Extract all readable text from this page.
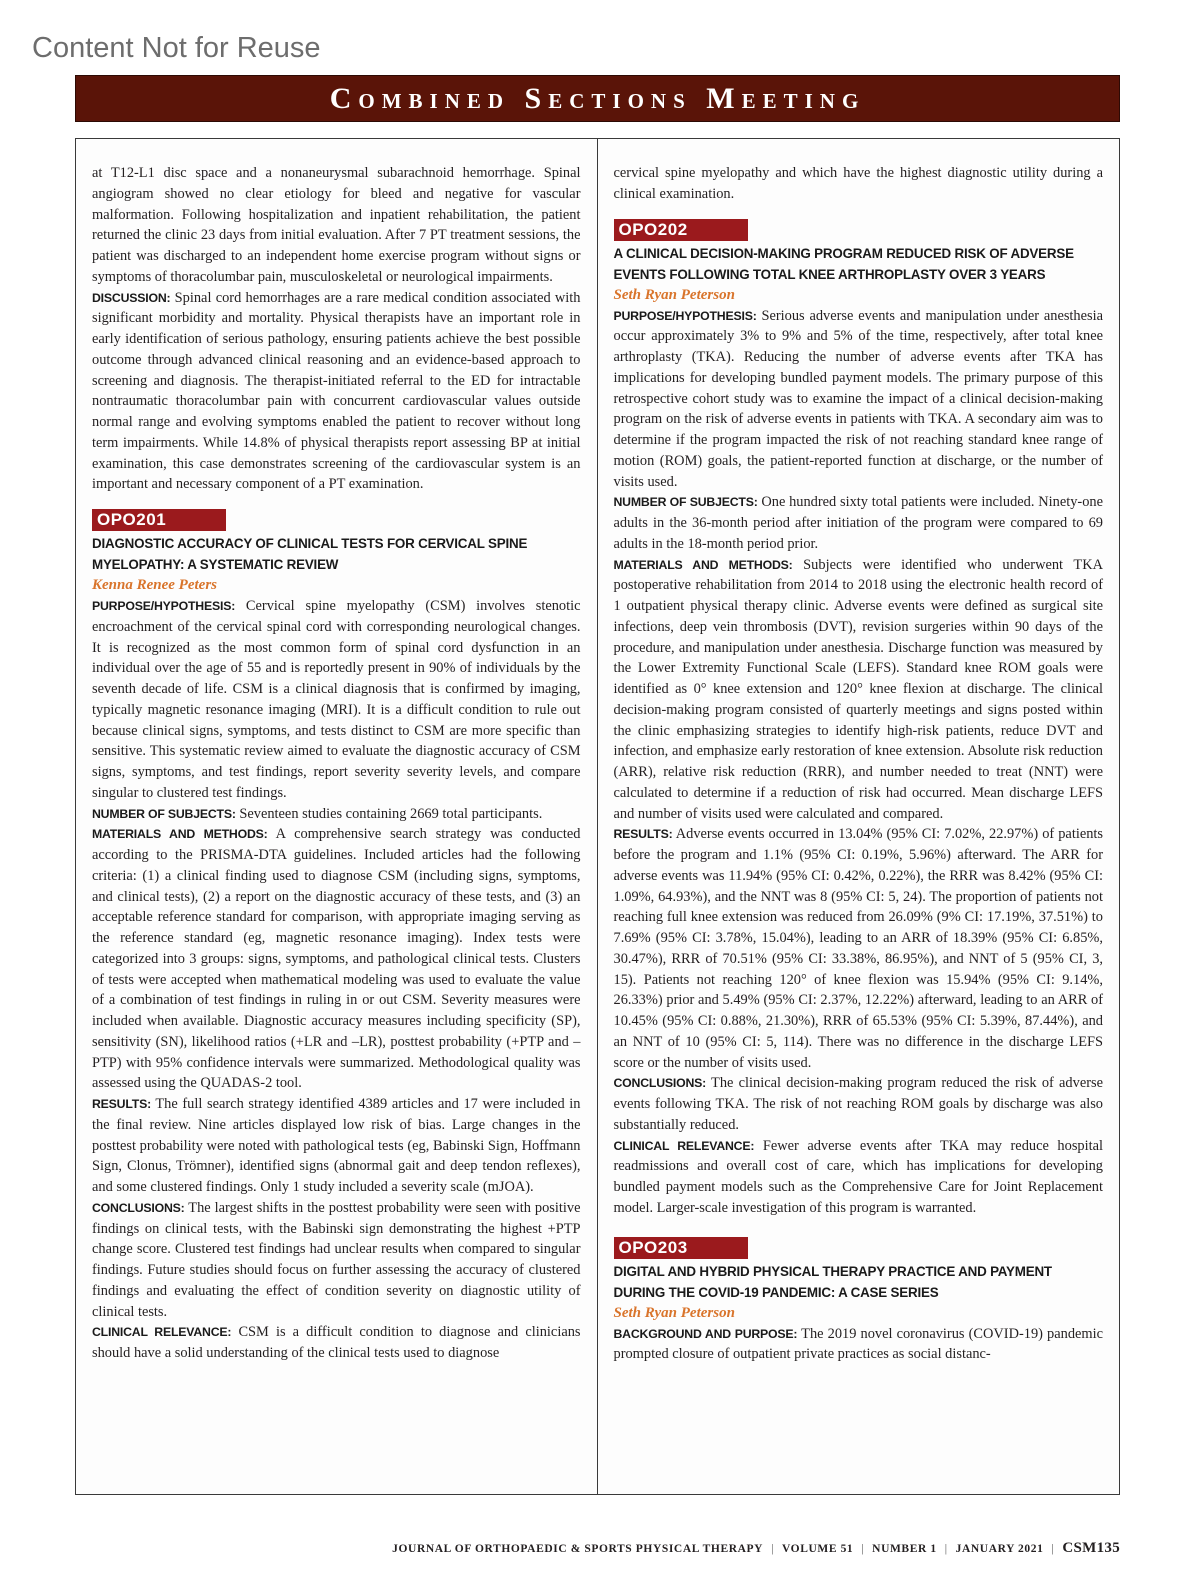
Content Not for Reuse
Combined Sections Meeting

at T12-L1 disc space and a nonaneurysmal subarachnoid hemorrhage. Spinal angiogram showed no clear etiology for bleed and negative for vascular malformation. Following hospitalization and inpatient rehabilitation, the patient returned the clinic 23 days from initial evaluation. After 7 PT treatment sessions, the patient was discharged to an independent home exercise program without signs or symptoms of thoracolumbar pain, musculoskeletal or neurological impairments.

DISCUSSION: Spinal cord hemorrhages are a rare medical condition associated with significant morbidity and mortality. Physical therapists have an important role in early identification of serious pathology, ensuring patients achieve the best possible outcome through advanced clinical reasoning and an evidence-based approach to screening and diagnosis. The therapist-initiated referral to the ED for intractable nontraumatic thoracolumbar pain with concurrent cardiovascular values outside normal range and evolving symptoms enabled the patient to recover without long term impairments. While 14.8% of physical therapists report assessing BP at initial examination, this case demonstrates screening of the cardiovascular system is an important and necessary component of a PT examination.

OPO201
DIAGNOSTIC ACCURACY OF CLINICAL TESTS FOR CERVICAL SPINE MYELOPATHY: A SYSTEMATIC REVIEW
Kenna Renee Peters

PURPOSE/HYPOTHESIS: Cervical spine myelopathy (CSM) involves stenotic encroachment of the cervical spinal cord with corresponding neurological changes. It is recognized as the most common form of spinal cord dysfunction in an individual over the age of 55 and is reportedly present in 90% of individuals by the seventh decade of life. CSM is a clinical diagnosis that is confirmed by imaging, typically magnetic resonance imaging (MRI). It is a difficult condition to rule out because clinical signs, symptoms, and tests distinct to CSM are more specific than sensitive. This systematic review aimed to evaluate the diagnostic accuracy of CSM signs, symptoms, and test findings, report severity severity levels, and compare singular to clustered test findings.

NUMBER OF SUBJECTS: Seventeen studies containing 2669 total participants.

MATERIALS AND METHODS: A comprehensive search strategy was conducted according to the PRISMA-DTA guidelines. Included articles had the following criteria: (1) a clinical finding used to diagnose CSM (including signs, symptoms, and clinical tests), (2) a report on the diagnostic accuracy of these tests, and (3) an acceptable reference standard for comparison, with appropriate imaging serving as the reference standard (eg, magnetic resonance imaging). Index tests were categorized into 3 groups: signs, symptoms, and pathological clinical tests. Clusters of tests were accepted when mathematical modeling was used to evaluate the value of a combination of test findings in ruling in or out CSM. Severity measures were included when available. Diagnostic accuracy measures including specificity (SP), sensitivity (SN), likelihood ratios (+LR and –LR), posttest probability (+PTP and –PTP) with 95% confidence intervals were summarized. Methodological quality was assessed using the QUADAS-2 tool.

RESULTS: The full search strategy identified 4389 articles and 17 were included in the final review. Nine articles displayed low risk of bias. Large changes in the posttest probability were noted with pathological tests (eg, Babinski Sign, Hoffmann Sign, Clonus, Trömner), identified signs (abnormal gait and deep tendon reflexes), and some clustered findings. Only 1 study included a severity scale (mJOA).

CONCLUSIONS: The largest shifts in the posttest probability were seen with positive findings on clinical tests, with the Babinski sign demonstrating the highest +PTP change score. Clustered test findings had unclear results when compared to singular findings. Future studies should focus on further assessing the accuracy of clustered findings and evaluating the effect of condition severity on diagnostic utility of clinical tests.

CLINICAL RELEVANCE: CSM is a difficult condition to diagnose and clinicians should have a solid understanding of the clinical tests used to diagnose

cervical spine myelopathy and which have the highest diagnostic utility during a clinical examination.

OPO202
A CLINICAL DECISION-MAKING PROGRAM REDUCED RISK OF ADVERSE EVENTS FOLLOWING TOTAL KNEE ARTHROPLASTY OVER 3 YEARS
Seth Ryan Peterson

PURPOSE/HYPOTHESIS: Serious adverse events and manipulation under anesthesia occur approximately 3% to 9% and 5% of the time, respectively, after total knee arthroplasty (TKA). Reducing the number of adverse events after TKA has implications for developing bundled payment models. The primary purpose of this retrospective cohort study was to examine the impact of a clinical decision-making program on the risk of adverse events in patients with TKA. A secondary aim was to determine if the program impacted the risk of not reaching standard knee range of motion (ROM) goals, the patient-reported function at discharge, or the number of visits used.

NUMBER OF SUBJECTS: One hundred sixty total patients were included. Ninety-one adults in the 36-month period after initiation of the program were compared to 69 adults in the 18-month period prior.

MATERIALS AND METHODS: Subjects were identified who underwent TKA postoperative rehabilitation from 2014 to 2018 using the electronic health record of 1 outpatient physical therapy clinic. Adverse events were defined as surgical site infections, deep vein thrombosis (DVT), revision surgeries within 90 days of the procedure, and manipulation under anesthesia. Discharge function was measured by the Lower Extremity Functional Scale (LEFS). Standard knee ROM goals were identified as 0° knee extension and 120° knee flexion at discharge. The clinical decision-making program consisted of quarterly meetings and signs posted within the clinic emphasizing strategies to identify high-risk patients, reduce DVT and infection, and emphasize early restoration of knee extension. Absolute risk reduction (ARR), relative risk reduction (RRR), and number needed to treat (NNT) were calculated to determine if a reduction of risk had occurred. Mean discharge LEFS and number of visits used were calculated and compared.

RESULTS: Adverse events occurred in 13.04% (95% CI: 7.02%, 22.97%) of patients before the program and 1.1% (95% CI: 0.19%, 5.96%) afterward. The ARR for adverse events was 11.94% (95% CI: 0.42%, 0.22%), the RRR was 8.42% (95% CI: 1.09%, 64.93%), and the NNT was 8 (95% CI: 5, 24). The proportion of patients not reaching full knee extension was reduced from 26.09% (9% CI: 17.19%, 37.51%) to 7.69% (95% CI: 3.78%, 15.04%), leading to an ARR of 18.39% (95% CI: 6.85%, 30.47%), RRR of 70.51% (95% CI: 33.38%, 86.95%), and NNT of 5 (95% CI, 3, 15). Patients not reaching 120° of knee flexion was 15.94% (95% CI: 9.14%, 26.33%) prior and 5.49% (95% CI: 2.37%, 12.22%) afterward, leading to an ARR of 10.45% (95% CI: 0.88%, 21.30%), RRR of 65.53% (95% CI: 5.39%, 87.44%), and an NNT of 10 (95% CI: 5, 114). There was no difference in the discharge LEFS score or the number of visits used.

CONCLUSIONS: The clinical decision-making program reduced the risk of adverse events following TKA. The risk of not reaching ROM goals by discharge was also substantially reduced.

CLINICAL RELEVANCE: Fewer adverse events after TKA may reduce hospital readmissions and overall cost of care, which has implications for developing bundled payment models such as the Comprehensive Care for Joint Replacement model. Larger-scale investigation of this program is warranted.

OPO203
DIGITAL AND HYBRID PHYSICAL THERAPY PRACTICE AND PAYMENT DURING THE COVID-19 PANDEMIC: A CASE SERIES
Seth Ryan Peterson

BACKGROUND AND PURPOSE: The 2019 novel coronavirus (COVID-19) pandemic prompted closure of outpatient private practices as social distanc-

JOURNAL OF ORTHOPAEDIC & SPORTS PHYSICAL THERAPY | VOLUME 51 | NUMBER 1 | JANUARY 2021 | CSM135
